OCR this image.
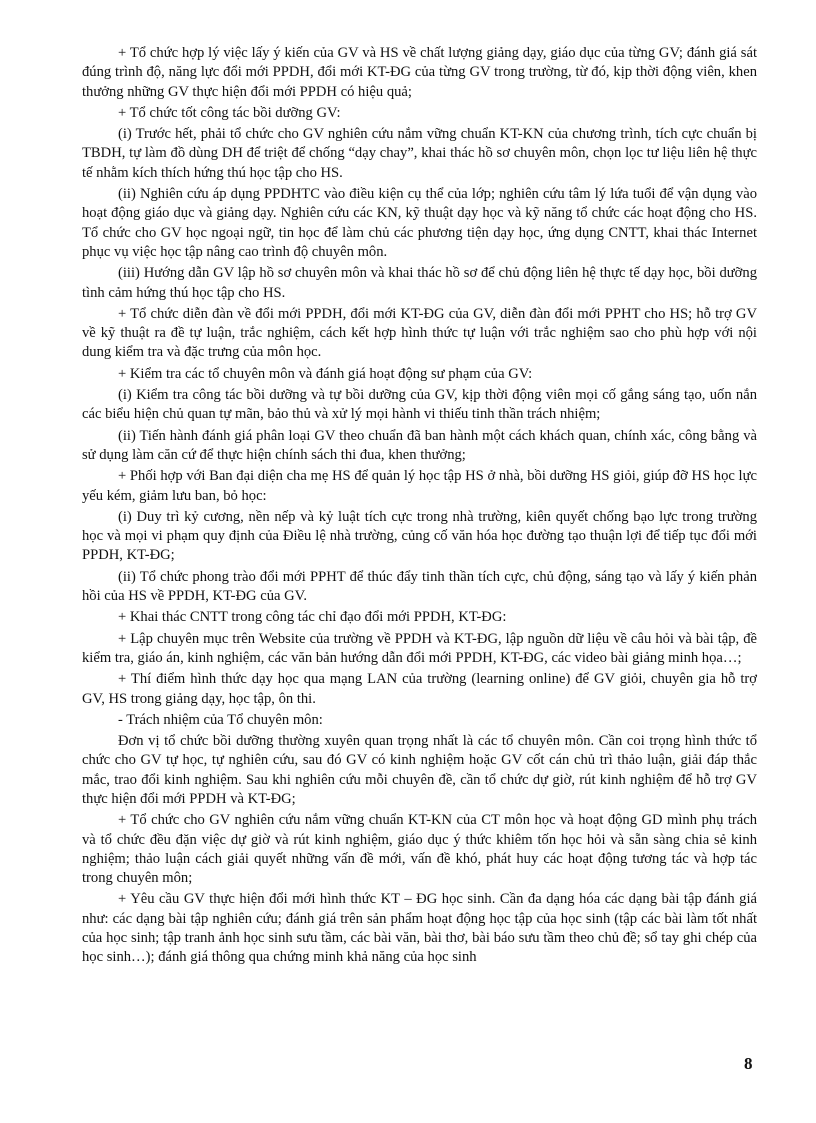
+ Tổ chức hợp lý việc lấy ý kiến của GV và HS về chất lượng giảng dạy, giáo dục của từng GV; đánh giá sát đúng trình độ, năng lực đổi mới PPDH, đổi mới KT-ĐG của từng GV trong trường, từ đó, kịp thời động viên, khen thưởng những GV thực hiện đổi mới PPDH có hiệu quả;

+ Tổ chức tốt công tác bồi dưỡng GV:

(i) Trước hết, phải tổ chức cho GV nghiên cứu nắm vững chuẩn KT-KN của chương trình, tích cực chuẩn bị TBDH, tự làm đồ dùng DH để triệt để chống “dạy chay”, khai thác hồ sơ chuyên môn, chọn lọc tư liệu liên hệ thực tế nhằm kích thích hứng thú học tập cho HS.

(ii) Nghiên cứu áp dụng PPDHTC vào điều kiện cụ thể của lớp; nghiên cứu tâm lý lứa tuổi để vận dụng vào hoạt động giáo dục và giảng dạy. Nghiên cứu các KN, kỹ thuật dạy học và kỹ năng tổ chức các hoạt động cho HS. Tổ chức cho GV học ngoại ngữ, tin học để làm chủ các phương tiện dạy học, ứng dụng CNTT, khai thác Internet phục vụ việc học tập nâng cao trình độ chuyên môn.

(iii) Hướng dẫn GV lập hồ sơ chuyên môn và khai thác hồ sơ để chủ động liên hệ thực tế dạy học, bồi dưỡng tình cảm hứng thú học tập cho HS.

+ Tổ chức diễn đàn về đổi mới PPDH, đổi mới KT-ĐG của GV, diễn đàn đổi mới PPHT cho HS; hỗ trợ GV về kỹ thuật ra đề tự luận, trắc nghiệm, cách kết hợp hình thức tự luận với trắc nghiệm sao cho phù hợp với nội dung kiểm tra và đặc trưng của môn học.

+ Kiểm tra các tổ chuyên môn và đánh giá hoạt động sư phạm của GV:

(i) Kiểm tra công tác bồi dưỡng và tự bồi dưỡng của GV, kịp thời động viên mọi cố gắng sáng tạo, uốn nắn các biểu hiện chủ quan tự mãn, bảo thủ và xử lý mọi hành vi thiếu tinh thần trách nhiệm;

(ii) Tiến hành đánh giá phân loại GV theo chuẩn đã ban hành một cách khách quan, chính xác, công bằng và sử dụng làm căn cứ để thực hiện chính sách thi đua, khen thưởng;

+ Phối hợp với Ban đại diện cha mẹ HS để quản lý học tập HS ở nhà, bồi dưỡng HS giỏi, giúp đỡ HS học lực yếu kém, giảm lưu ban, bỏ học:

(i) Duy trì kỷ cương, nền nếp và kỷ luật tích cực trong nhà trường, kiên quyết chống bạo lực trong trường học và mọi vi phạm quy định của Điều lệ nhà trường, củng cố văn hóa học đường tạo thuận lợi để tiếp tục đổi mới PPDH, KT-ĐG;

(ii) Tổ chức phong trào đổi mới PPHT để thúc đẩy tinh thần tích cực, chủ động, sáng tạo và lấy ý kiến phản hồi của HS về PPDH, KT-ĐG của GV.

+ Khai thác CNTT trong công tác chỉ đạo đổi mới PPDH, KT-ĐG:

+ Lập chuyên mục trên Website của trường về PPDH và KT-ĐG, lập nguồn dữ liệu về câu hỏi và bài tập, đề kiểm tra, giáo án, kinh nghiệm, các văn bản hướng dẫn đổi mới PPDH, KT-ĐG, các video bài giảng minh họa…;

+ Thí điểm hình thức dạy học qua mạng LAN của trường (learning online) để GV giỏi, chuyên gia hỗ trợ GV, HS trong giảng dạy, học tập, ôn thi.

- Trách nhiệm của Tổ chuyên môn:

Đơn vị tổ chức bồi dưỡng thường xuyên quan trọng nhất là các tổ chuyên môn. Cần coi trọng hình thức tổ chức cho GV tự học, tự nghiên cứu, sau đó GV có kinh nghiệm hoặc GV cốt cán chủ trì thảo luận, giải đáp thắc mắc, trao đổi kinh nghiệm. Sau khi nghiên cứu mỗi chuyên đề, cần tổ chức dự giờ, rút kinh nghiệm để hỗ trợ GV thực hiện đổi mới PPDH và KT-ĐG;

+ Tổ chức cho GV nghiên cứu nắm vững chuẩn KT-KN của CT môn học và hoạt động GD mình phụ trách và tổ chức đều đặn việc dự giờ và rút kinh nghiệm, giáo dục ý thức khiêm tốn học hỏi và sẵn sàng chia sẻ kinh nghiệm; thảo luận cách giải quyết những vấn đề mới, vấn đề khó, phát huy các hoạt động tương tác và hợp tác trong chuyên môn;

+ Yêu cầu GV thực hiện đổi mới hình thức KT – ĐG học sinh. Cần đa dạng hóa các dạng bài tập đánh giá như: các dạng bài tập nghiên cứu; đánh giá trên sản phẩm hoạt động học tập của học sinh (tập các bài làm tốt nhất của học sinh; tập tranh ảnh học sinh sưu tầm, các bài văn, bài thơ, bài báo sưu tầm theo chủ đề; sổ tay ghi chép của học sinh…); đánh giá thông qua chứng minh khả năng của học sinh

8
